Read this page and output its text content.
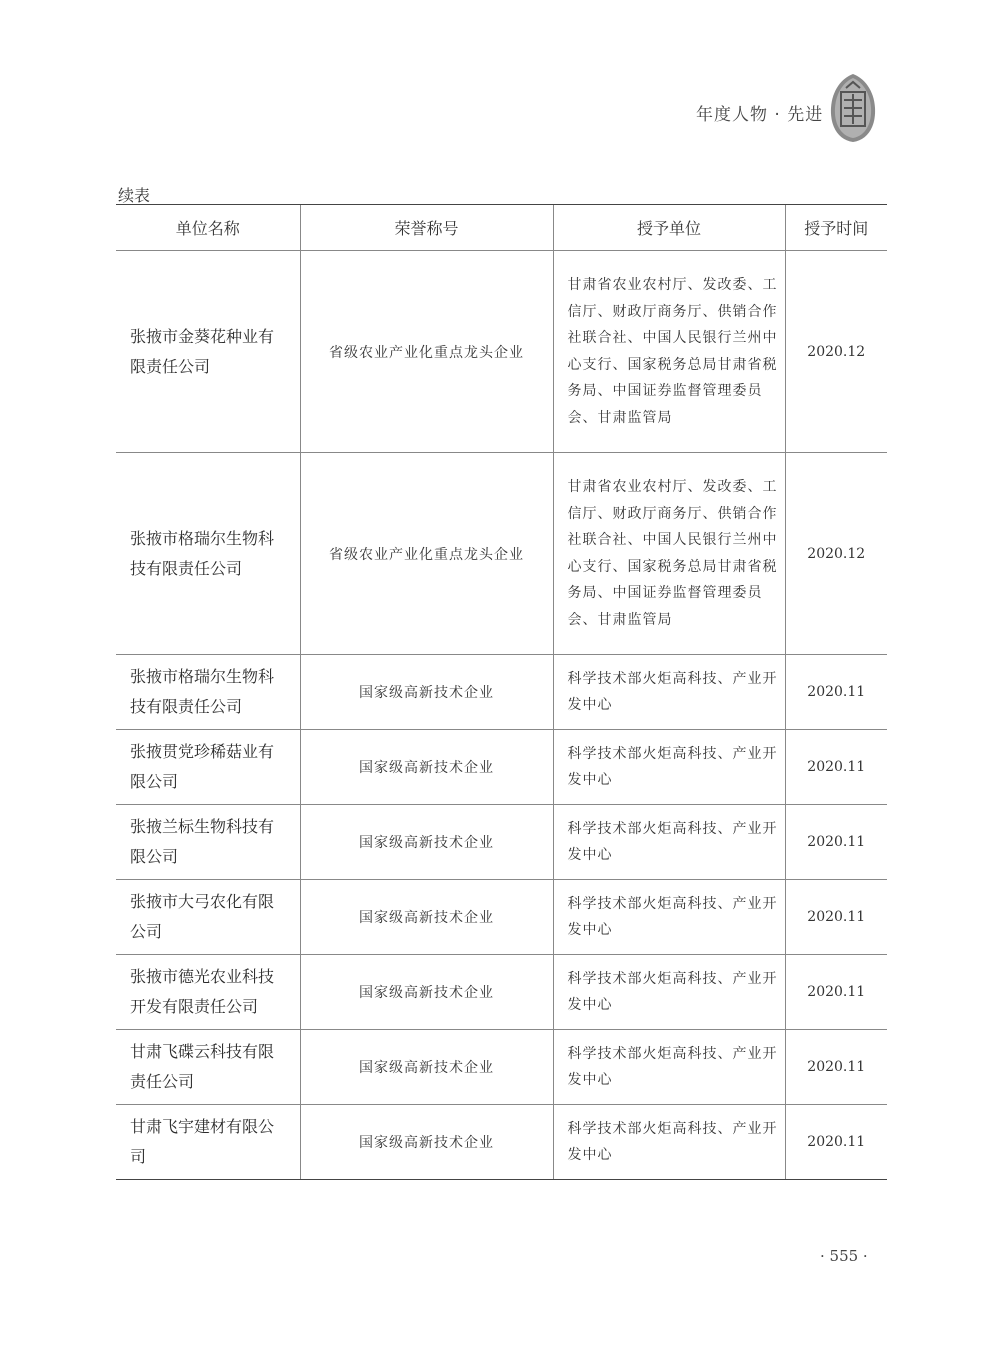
年度人物 · 先进
续表
单位名称	荣誉称号	授予单位	授予时间
张掖市金葵花种业有限责任公司	省级农业产业化重点龙头企业	甘肃省农业农村厅、发改委、工信厅、财政厅商务厅、供销合作社联合社、中国人民银行兰州中心支行、国家税务总局甘肃省税务局、中国证券监督管理委员会、甘肃监管局	2020.12
张掖市格瑞尔生物科技有限责任公司	省级农业产业化重点龙头企业	甘肃省农业农村厅、发改委、工信厅、财政厅商务厅、供销合作社联合社、中国人民银行兰州中心支行、国家税务总局甘肃省税务局、中国证券监督管理委员会、甘肃监管局	2020.12
张掖市格瑞尔生物科技有限责任公司	国家级高新技术企业	科学技术部火炬高科技、产业开发中心	2020.11
张掖贯党珍稀菇业有限公司	国家级高新技术企业	科学技术部火炬高科技、产业开发中心	2020.11
张掖兰标生物科技有限公司	国家级高新技术企业	科学技术部火炬高科技、产业开发中心	2020.11
张掖市大弓农化有限公司	国家级高新技术企业	科学技术部火炬高科技、产业开发中心	2020.11
张掖市德光农业科技开发有限责任公司	国家级高新技术企业	科学技术部火炬高科技、产业开发中心	2020.11
甘肃飞碟云科技有限责任公司	国家级高新技术企业	科学技术部火炬高科技、产业开发中心	2020.11
甘肃飞宇建材有限公司	国家级高新技术企业	科学技术部火炬高科技、产业开发中心	2020.11
· 555 ·
